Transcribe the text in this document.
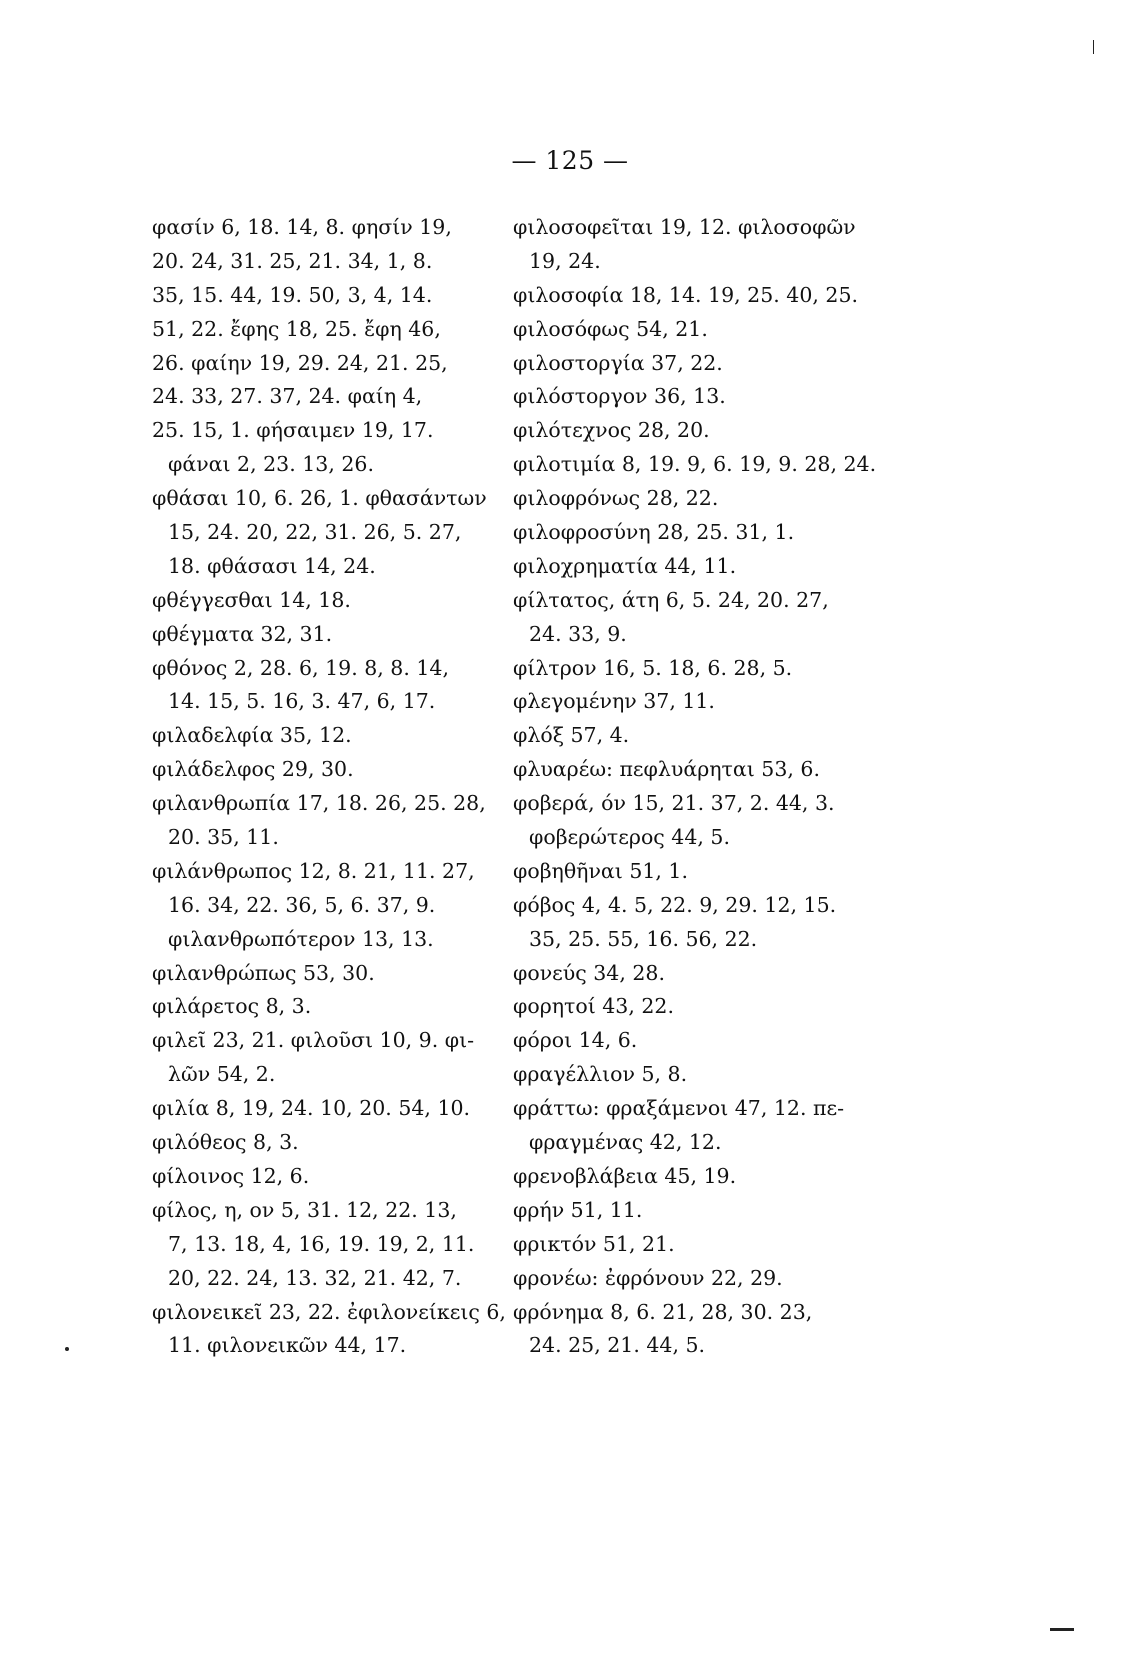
— 125 —
φασίν 6, 18. 14, 8. φησίν 19,
20. 24, 31. 25, 21. 34, 1, 8.
35, 15. 44, 19. 50, 3, 4, 14.
51, 22. ἔφης 18, 25. ἔφη 46,
26. φαίην 19, 29. 24, 21. 25,
24. 33, 27. 37, 24. φαίη 4,
25. 15, 1. φήσαιμεν 19, 17.
φάναι 2, 23. 13, 26.
φθάσαι 10, 6. 26, 1. φθασάντων
15, 24. 20, 22, 31. 26, 5. 27,
18. φθάσασι 14, 24.
φθέγγεσθαι 14, 18.
φθέγματα 32, 31.
φθόνος 2, 28. 6, 19. 8, 8. 14,
14. 15, 5. 16, 3. 47, 6, 17.
φιλαδελφία 35, 12.
φιλάδελφος 29, 30.
φιλανθρωπία 17, 18. 26, 25. 28,
20. 35, 11.
φιλάνθρωπος 12, 8. 21, 11. 27,
16. 34, 22. 36, 5, 6. 37, 9.
φιλανθρωπότερον 13, 13.
φιλανθρώπως 53, 30.
φιλάρετος 8, 3.
φιλεῖ 23, 21. φιλοῦσι 10, 9. φι-
λῶν 54, 2.
φιλία 8, 19, 24. 10, 20. 54, 10.
φιλόθεος 8, 3.
φίλοινος 12, 6.
φίλος, η, ον 5, 31. 12, 22. 13,
7, 13. 18, 4, 16, 19. 19, 2, 11.
20, 22. 24, 13. 32, 21. 42, 7.
φιλονεικεῖ 23, 22. ἐφιλονείκεις 6,
11. φιλονεικῶν 44, 17.
φιλοσοφεῖται 19, 12. φιλοσοφῶν
19, 24.
φιλοσοφία 18, 14. 19, 25. 40, 25.
φιλοσόφως 54, 21.
φιλοστοργία 37, 22.
φιλόστοργον 36, 13.
φιλότεχνος 28, 20.
φιλοτιμία 8, 19. 9, 6. 19, 9. 28, 24.
φιλοφρόνως 28, 22.
φιλοφροσύνη 28, 25. 31, 1.
φιλοχρηματία 44, 11.
φίλτατος, άτη 6, 5. 24, 20. 27,
24. 33, 9.
φίλτρον 16, 5. 18, 6. 28, 5.
φλεγομένην 37, 11.
φλόξ 57, 4.
φλυαρέω: πεφλυάρηται 53, 6.
φοβερά, όν 15, 21. 37, 2. 44, 3.
φοβερώτερος 44, 5.
φοβηθῆναι 51, 1.
φόβος 4, 4. 5, 22. 9, 29. 12, 15.
35, 25. 55, 16. 56, 22.
φονεύς 34, 28.
φορητοί 43, 22.
φόροι 14, 6.
φραγέλλιον 5, 8.
φράττω: φραξάμενοι 47, 12. πε-
φραγμένας 42, 12.
φρενοβλάβεια 45, 19.
φρήν 51, 11.
φρικτόν 51, 21.
φρονέω: ἐφρόνουν 22, 29.
φρόνημα 8, 6. 21, 28, 30. 23,
24. 25, 21. 44, 5.
